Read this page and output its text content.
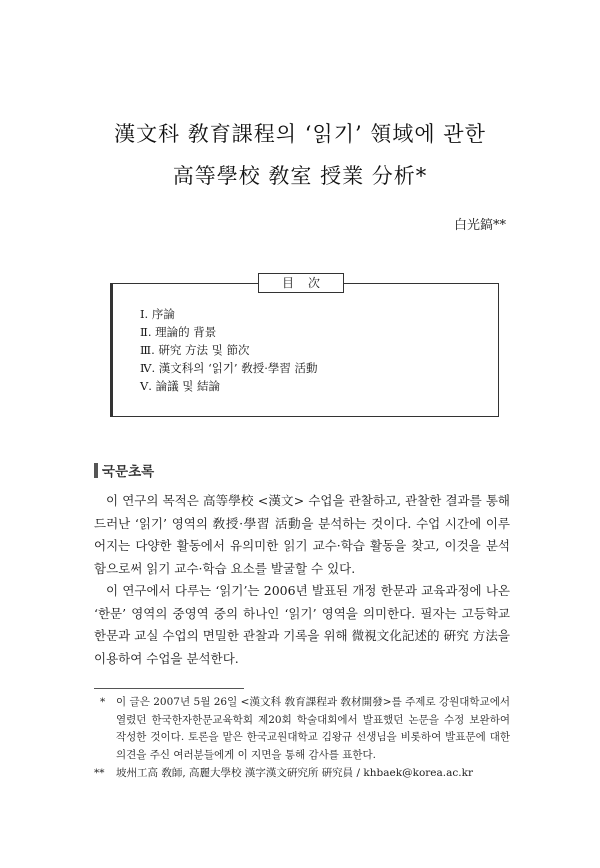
漢文科 敎育課程의 ‘읽기’ 領域에 관한
高等學校 敎室 授業 分析*
白光鎬**
目次
Ⅰ. 序論
Ⅱ. 理論的 背景
Ⅲ. 硏究 方法 및 節次
Ⅳ. 漢文科의 ‘읽기’ 敎授·學習 活動
Ⅴ. 論議 및 結論
국문초록

이 연구의 목적은 高等學校 <漢文> 수업을 관찰하고, 관찰한 결과를 통해 드러난 ‘읽기’ 영역의 敎授·學習 活動을 분석하는 것이다. 수업 시간에 이루어지는 다양한 활동에서 유의미한 읽기 교수·학습 활동을 찾고, 이것을 분석함으로써 읽기 교수·학습 요소를 발굴할 수 있다.

이 연구에서 다루는 ‘읽기’는 2006년 발표된 개정 한문과 교육과정에 나온 ‘한문’ 영역의 중영역 중의 하나인 ‘읽기’ 영역을 의미한다. 필자는 고등학교 한문과 교실 수업의 면밀한 관찰과 기록을 위해 微視文化記述的 硏究 方法을 이용하여 수업을 분석한다.

* 이 글은 2007년 5월 26일 <漢文科 敎育課程과 敎材開發>를 주제로 강원대학교에서 열렸던 한국한자한문교육학회 제20회 학술대회에서 발표했던 논문을 수정 보완하여 작성한 것이다. 토론을 맡은 한국교원대학교 김왕규 선생님을 비롯하여 발표문에 대한 의견을 주신 여러분들에게 이 지면을 통해 감사를 표한다.
** 坡州工高 敎師, 高麗大學校 漢字漢文硏究所 硏究員 / khbaek@korea.ac.kr
